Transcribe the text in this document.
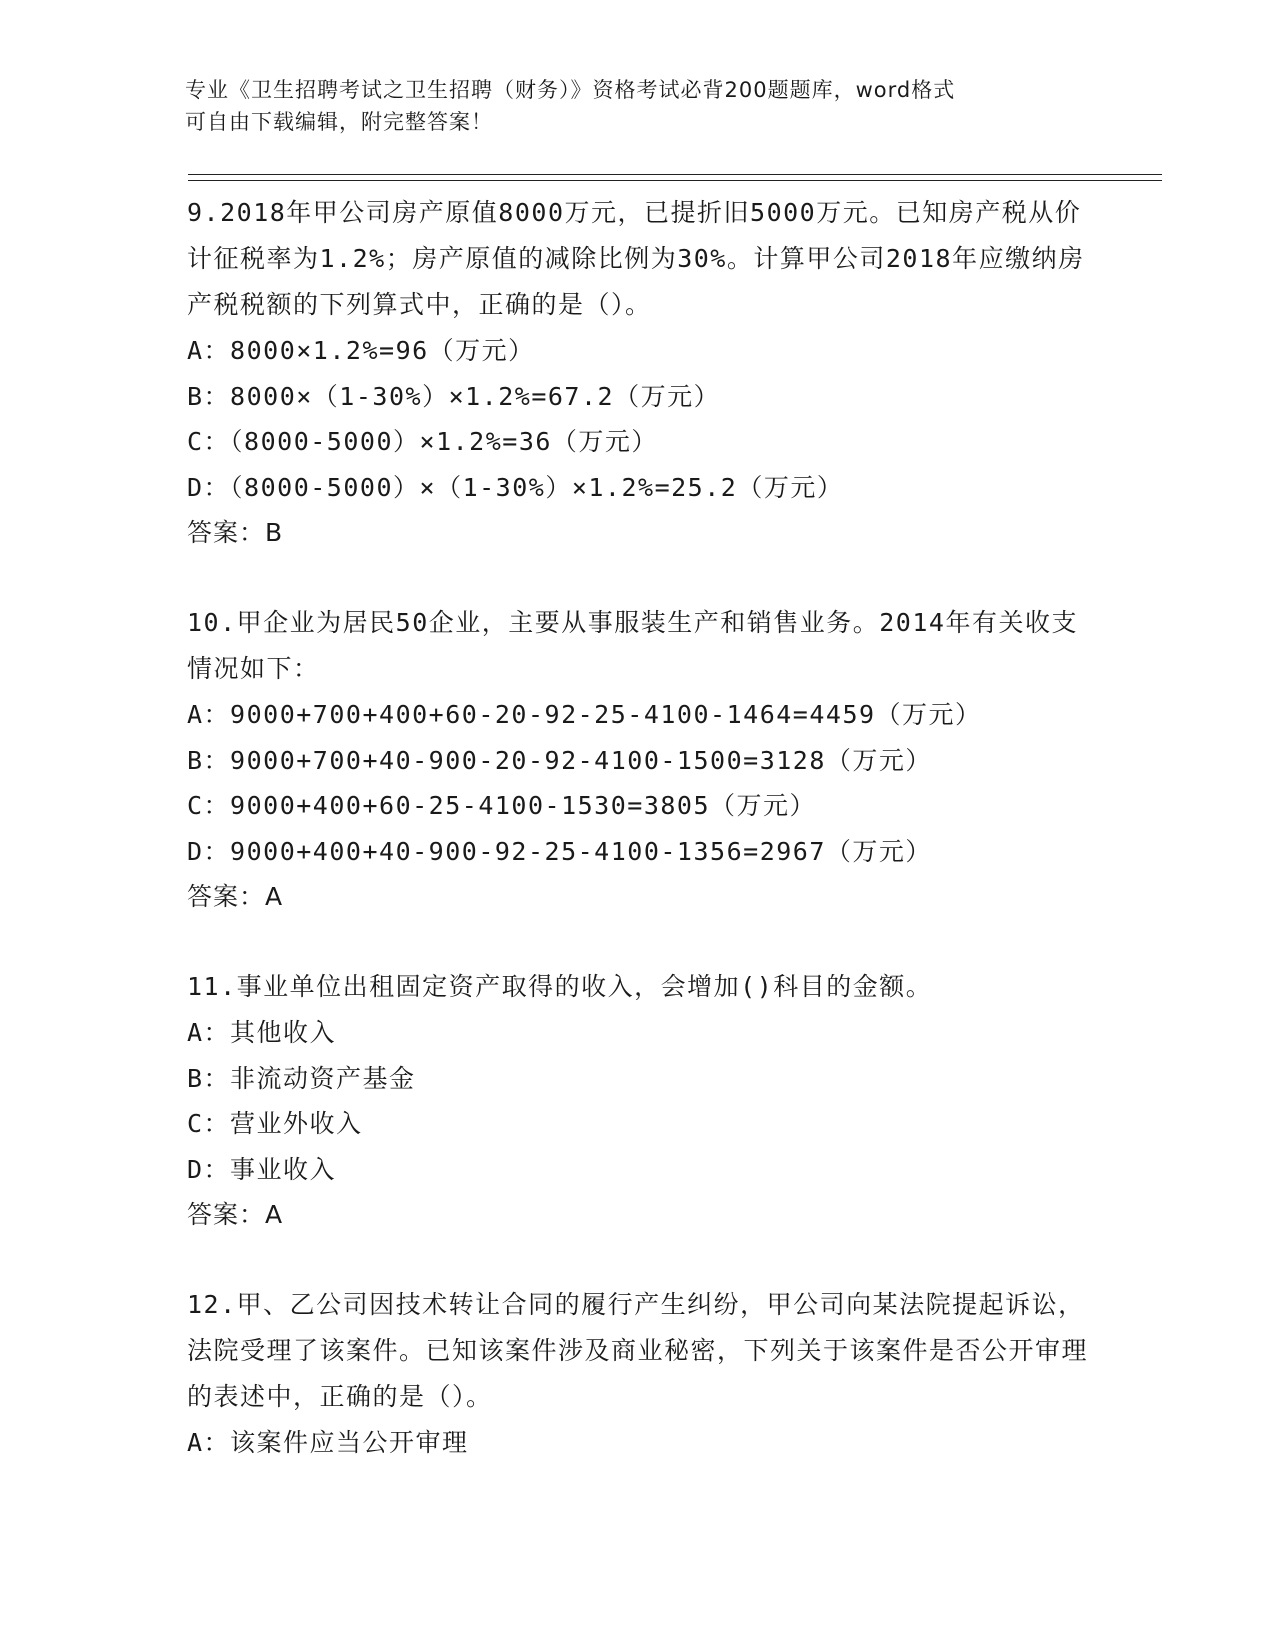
专业《卫生招聘考试之卫生招聘（财务）》资格考试必背200题题库，word格式
可自由下载编辑，附完整答案！
9.2018年甲公司房产原值8000万元，已提折旧5000万元。已知房产税从价计征税率为1.2%；房产原值的减除比例为30%。计算甲公司2018年应缴纳房产税税额的下列算式中，正确的是（）。
A：8000×1.2%=96（万元）
B：8000×（1-30%）×1.2%=67.2（万元）
C：（8000-5000）×1.2%=36（万元）
D：（8000-5000）×（1-30%）×1.2%=25.2（万元）
答案：B
10.甲企业为居民50企业，主要从事服装生产和销售业务。2014年有关收支情况如下：
A：9000+700+400+60-20-92-25-4100-1464=4459（万元）
B：9000+700+40-900-20-92-4100-1500=3128（万元）
C：9000+400+60-25-4100-1530=3805（万元）
D：9000+400+40-900-92-25-4100-1356=2967（万元）
答案：A
11.事业单位出租固定资产取得的收入，会增加()科目的金额。
A：其他收入
B：非流动资产基金
C：营业外收入
D：事业收入
答案：A
12.甲、乙公司因技术转让合同的履行产生纠纷，甲公司向某法院提起诉讼，法院受理了该案件。已知该案件涉及商业秘密，下列关于该案件是否公开审理的表述中，正确的是（）。
A：该案件应当公开审理
